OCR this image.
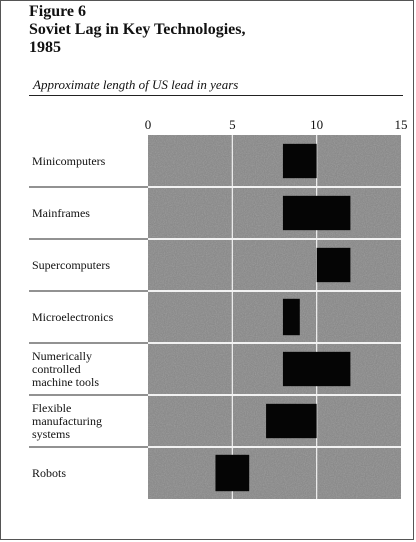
Figure 6
Soviet Lag in Key Technologies,
1985
Approximate length of US lead in years
0	5	10	15
Minicomputers
Mainframes
Supercomputers
Microelectronics
Numerically controlled machine tools
Flexible manufacturing systems
Robots
